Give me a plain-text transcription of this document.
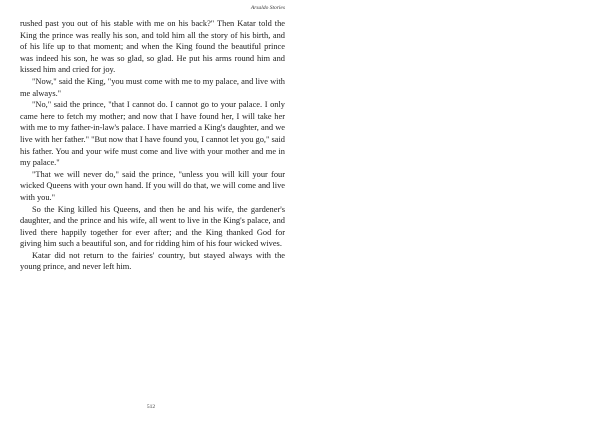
Arsaldo Stories

rushed past you out of his stable with me on his back?" Then Katar told the King the prince was really his son, and told him all the story of his birth, and of his life up to that moment; and when the King found the beautiful prince was indeed his son, he was so glad, so glad. He put his arms round him and kissed him and cried for joy.

"Now," said the King, "you must come with me to my palace, and live with me always."

"No," said the prince, "that I cannot do. I cannot go to your palace. I only came here to fetch my mother; and now that I have found her, I will take her with me to my father-in-law's palace. I have married a King's daughter, and we live with her father." "But now that I have found you, I cannot let you go," said his father. You and your wife must come and live with your mother and me in my palace."

"That we will never do," said the prince, "unless you will kill your four wicked Queens with your own hand. If you will do that, we will come and live with you."

So the King killed his Queens, and then he and his wife, the gardener's daughter, and the prince and his wife, all went to live in the King's palace, and lived there happily together for ever after; and the King thanked God for giving him such a beautiful son, and for ridding him of his four wicked wives.

Katar did not return to the fairies' country, but stayed always with the young prince, and never left him.

512
